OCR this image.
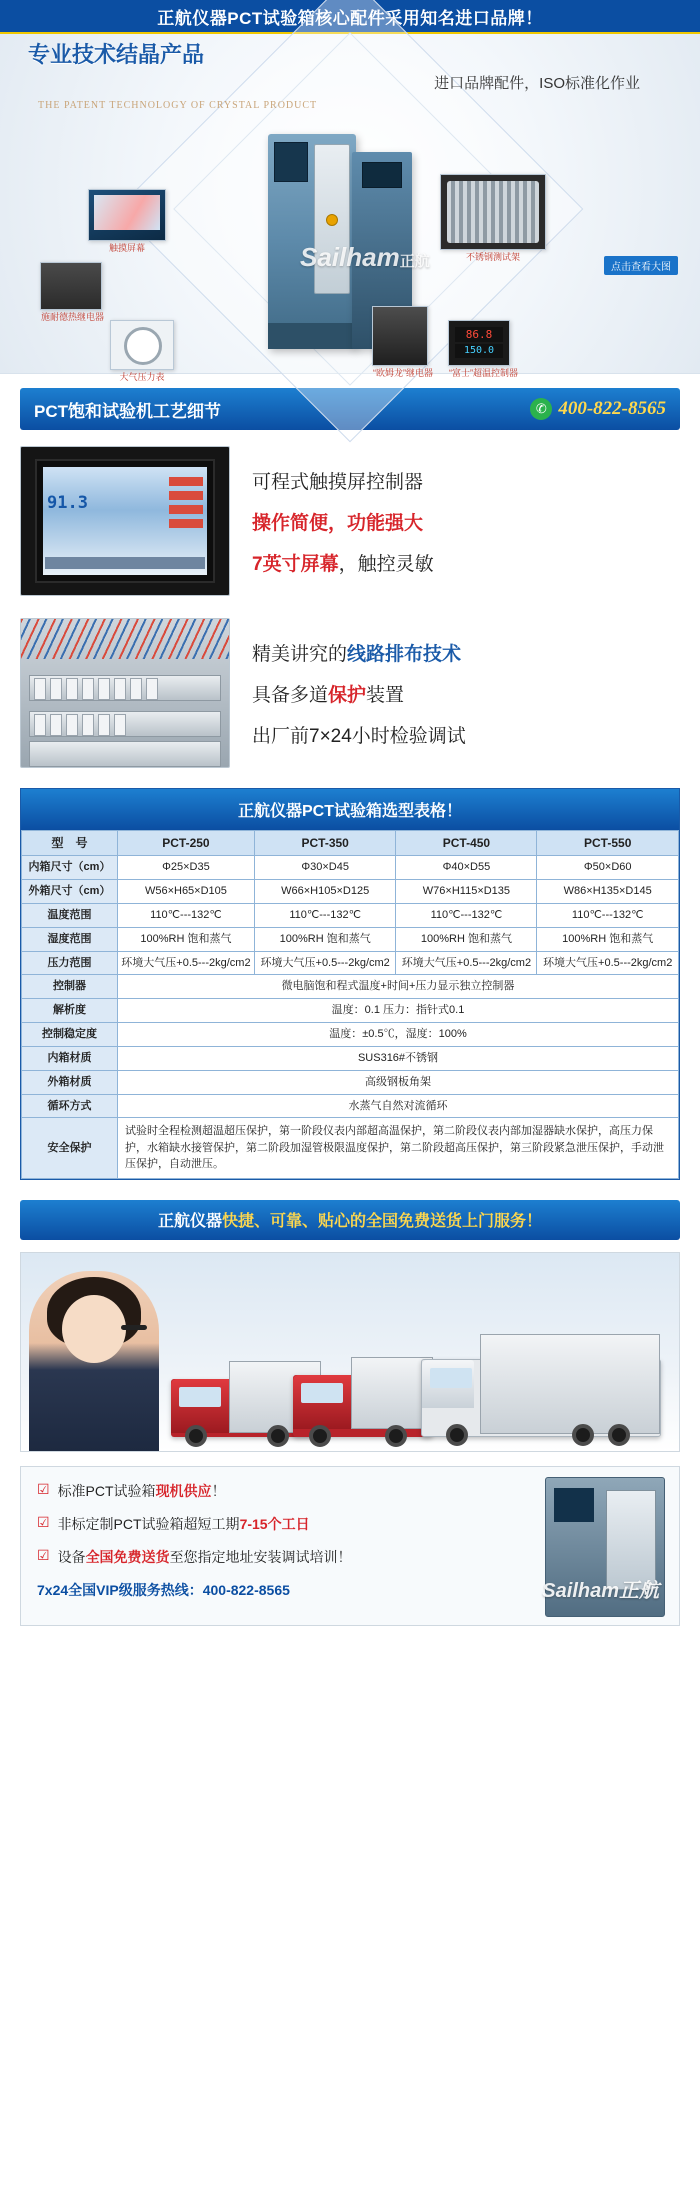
正航仪器PCT试验箱核心配件采用知名进口品牌！
专业技术结晶产品
进口品牌配件，ISO标准化作业
THE PATENT TECHNOLOGY OF CRYSTAL PRODUCT
Sailham正航
触摸屏幕
施耐德热继电器
大气压力表
不锈钢测试架
86.8
150.0
“富士”超温控制器
“欧姆龙”继电器
点击查看大图
PCT饱和试验机工艺细节	✆ 400-822-8565
91.3
可程式触摸屏控制器
操作简便，功能强大
7英寸屏幕，触控灵敏
精美讲究的线路排布技术
具备多道保护装置
出厂前7×24小时检验调试
正航仪器PCT试验箱选型表格！
型　号	PCT-250	PCT-350	PCT-450	PCT-550
内箱尺寸（cm）	Φ25×D35	Φ30×D45	Φ40×D55	Φ50×D60
外箱尺寸（cm）	W56×H65×D105	W66×H105×D125	W76×H115×D135	W86×H135×D145
温度范围	110℃---132℃	110℃---132℃	110℃---132℃	110℃---132℃
湿度范围	100%RH 饱和蒸气	100%RH 饱和蒸气	100%RH 饱和蒸气	100%RH 饱和蒸气
压力范围	环境大气压+0.5---2kg/cm2	环境大气压+0.5---2kg/cm2	环境大气压+0.5---2kg/cm2	环境大气压+0.5---2kg/cm2
控制器	微电脑饱和程式温度+时间+压力显示独立控制器			
解析度	温度：0.1 压力：指针式0.1			
控制稳定度	温度：±0.5℃，湿度：100%			
内箱材质	SUS316#不锈钢			
外箱材质	高级钢板角架			
循环方式	水蒸气自然对流循环			
安全保护	试验时全程检测超温超压保护，第一阶段仪表内部超高温保护，第二阶段仪表内部加湿器缺水保护，高压力保护，水箱缺水接管保护，第二阶段加湿管极限温度保护，第二阶段超高压保护，第三阶段紧急泄压保护，手动泄压保护，自动泄压。			
正航仪器 快捷、可靠、贴心的全国免费送货上门服务！
☑ 标准PCT试验箱现机供应！
☑ 非标定制PCT试验箱超短工期7-15个工日
☑ 设备全国免费送货至您指定地址安装调试培训！
7x24全国VIP级服务热线：400-822-8565	Sailham正航
